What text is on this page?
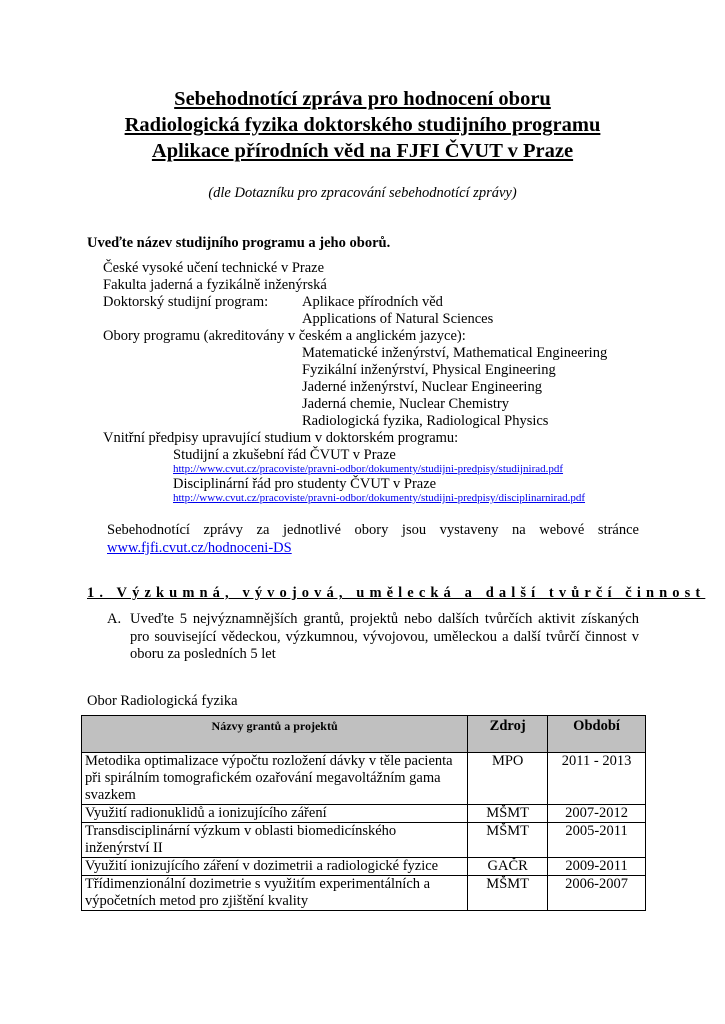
Sebehodnotící zpráva pro hodnocení oboru
Radiologická fyzika doktorského studijního programu
Aplikace přírodních věd na FJFI ČVUT v Praze
(dle Dotazníku pro zpracování sebehodnotící zprávy)
Uveďte název studijního programu a jeho oborů.
České vysoké učení technické v Praze
Fakulta jaderná a fyzikálně inženýrská
Doktorský studijní program: Aplikace přírodních věd
Applications of Natural Sciences
Obory programu (akreditovány v českém a anglickém jazyce):
Matematické inženýrství, Mathematical Engineering
Fyzikální inženýrství, Physical Engineering
Jaderné inženýrství, Nuclear Engineering
Jaderná chemie, Nuclear Chemistry
Radiologická fyzika, Radiological Physics
Vnitřní předpisy upravující studium v doktorském programu:
Studijní a zkušební řád ČVUT v Praze
http://www.cvut.cz/pracoviste/pravni-odbor/dokumenty/studijni-predpisy/studijnirad.pdf
Disciplinární řád pro studenty ČVUT v Praze
http://www.cvut.cz/pracoviste/pravni-odbor/dokumenty/studijni-predpisy/disciplinarnirad.pdf
Sebehodnotící zprávy za jednotlivé obory jsou vystaveny na webové stránce
www.fjfi.cvut.cz/hodnoceni-DS
1. Výzkumná, vývojová, umělecká a další tvůrčí činnost
A. Uveďte 5 nejvýznamnějších grantů, projektů nebo dalších tvůrčích aktivit získaných pro související vědeckou, výzkumnou, vývojovou, uměleckou a další tvůrčí činnost v oboru za posledních 5 let
Obor Radiologická fyzika
Názvy grantů a projektů	Zdroj	Období
Metodika optimalizace výpočtu rozložení dávky v těle pacienta při spirálním tomografickém ozařování megavoltážním gama svazkem	MPO	2011 - 2013
Využití radionuklidů a ionizujícího záření	MŠMT	2007-2012
Transdisciplinární výzkum v oblasti biomedicínského inženýrství II	MŠMT	2005-2011
Využití ionizujícího záření v dozimetrii a radiologické fyzice	GAČR	2009-2011
Třídimenzionální dozimetrie s využitím experimentálních a výpočetních metod pro zjištění kvality	MŠMT	2006-2007
